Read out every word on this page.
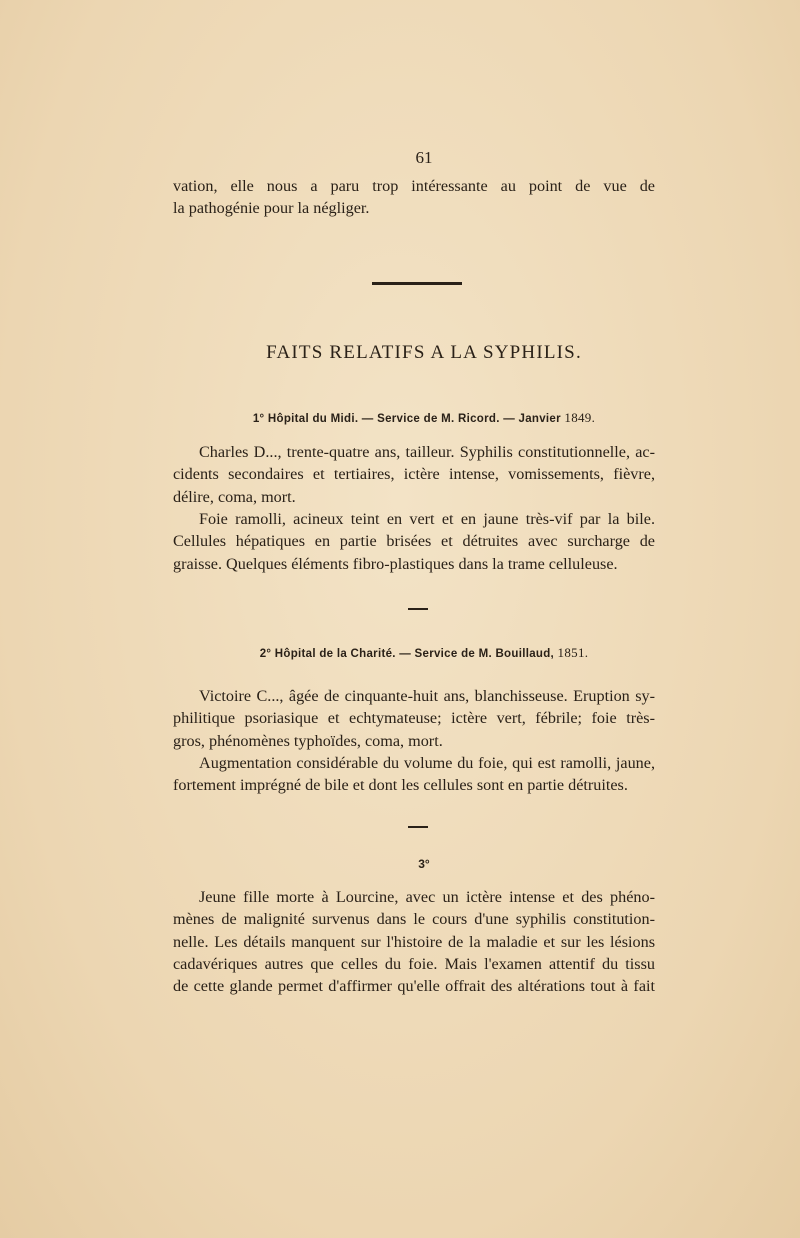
61
vation, elle nous a paru trop intéressante au point de vue de
la pathogénie pour la négliger.
FAITS RELATIFS A LA SYPHILIS.
1° Hôpital du Midi. — Service de M. Ricord. — Janvier 1849.
Charles D..., trente-quatre ans, tailleur. Syphilis constitutionnelle, ac-
cidents secondaires et tertiaires, ictère intense, vomissements, fièvre,
délire, coma, mort.
Foie ramolli, acineux teint en vert et en jaune très-vif par la bile.
Cellules hépatiques en partie brisées et détruites avec surcharge de
graisse. Quelques éléments fibro-plastiques dans la trame celluleuse.
2° Hôpital de la Charité. — Service de M. Bouillaud, 1851.
Victoire C..., âgée de cinquante-huit ans, blanchisseuse. Eruption sy-
philitique psoriasique et echtymateuse; ictère vert, fébrile; foie très-
gros, phénomènes typhoïdes, coma, mort.
Augmentation considérable du volume du foie, qui est ramolli, jaune,
fortement imprégné de bile et dont les cellules sont en partie détruites.
3°
Jeune fille morte à Lourcine, avec un ictère intense et des phéno-
mènes de malignité survenus dans le cours d'une syphilis constitution-
nelle. Les détails manquent sur l'histoire de la maladie et sur les lésions
cadavériques autres que celles du foie. Mais l'examen attentif du tissu
de cette glande permet d'affirmer qu'elle offrait des altérations tout à fait
